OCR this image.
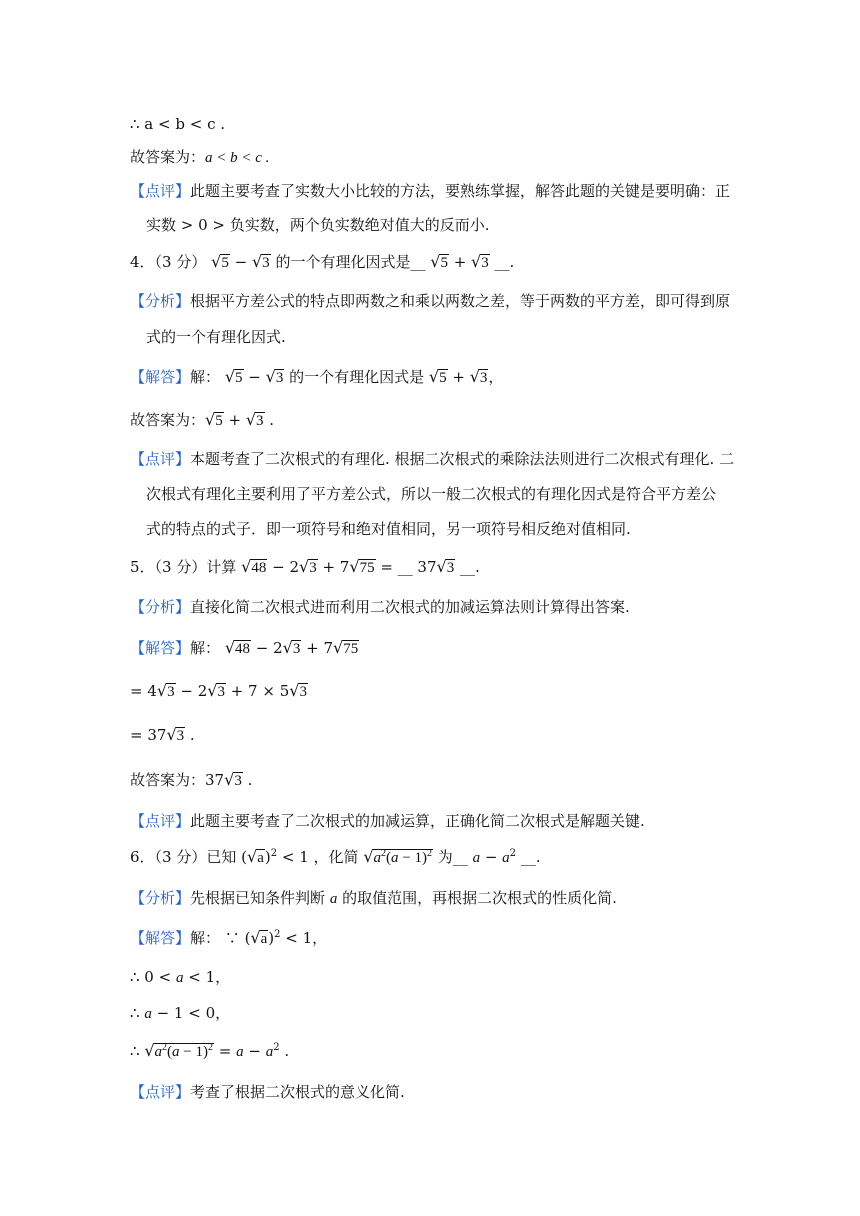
∴ a < b < c .
故答案为：a < b < c .
【点评】此题主要考查了实数大小比较的方法，要熟练掌握，解答此题的关键是要明确：正
实数 > 0 > 负实数，两个负实数绝对值大的反而小.
4．（3 分） √5 − √3 的一个有理化因式是__ √5 + √3 __.
【分析】根据平方差公式的特点即两数之和乘以两数之差，等于两数的平方差，即可得到原
式的一个有理化因式.
【解答】解： √5 − √3 的一个有理化因式是 √5 + √3，
故答案为：√5 + √3 .
【点评】本题考查了二次根式的有理化. 根据二次根式的乘除法法则进行二次根式有理化. 二
次根式有理化主要利用了平方差公式，所以一般二次根式的有理化因式是符合平方差公
式的特点的式子．即一项符号和绝对值相同，另一项符号相反绝对值相同.
5．（3 分）计算 √48 − 2√3 + 7√75 = __ 37√3 __.
【分析】直接化简二次根式进而利用二次根式的加减运算法则计算得出答案.
【解答】解： √48 − 2√3 + 7√75
= 4√3 − 2√3 + 7 × 5√3
= 37√3 .
故答案为：37√3 .
【点评】此题主要考查了二次根式的加减运算，正确化简二次根式是解题关键.
6．（3 分）已知 $(√a)^2 < 1$ ，化简 $√a^2(a - 1)^2$ 为__ $a - a^2$ __.
【分析】先根据已知条件判断 a 的取值范围，再根据二次根式的性质化简.
【解答】解： ∵ $(√a)^2 < 1$，
∴ 0 < a < 1，
∴ a − 1 < 0，
∴ $√a^2(a - 1)^2 = a - a^2$ .
【点评】考查了根据二次根式的意义化简.
